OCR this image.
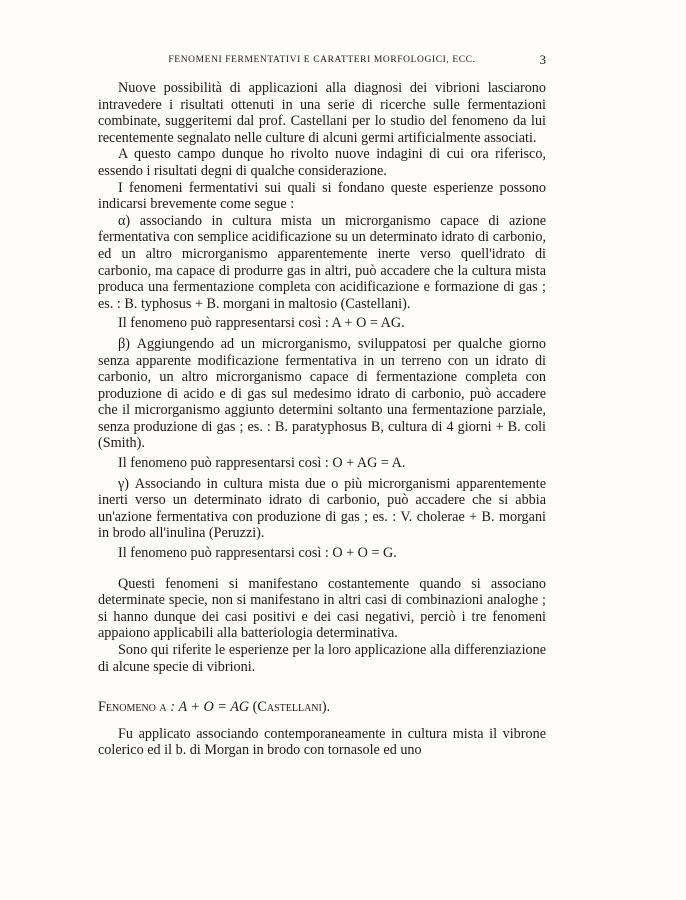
FENOMENI FERMENTATIVI E CARATTERI MORFOLOGICI, ECC.	3

Nuove possibilità di applicazioni alla diagnosi dei vibrioni lasciarono intravedere i risultati ottenuti in una serie di ricerche sulle fermentazioni combinate, suggeritemi dal prof. Castellani per lo studio del fenomeno da lui recentemente segnalato nelle culture di alcuni germi artificialmente associati.

A questo campo dunque ho rivolto nuove indagini di cui ora riferisco, essendo i risultati degni di qualche considerazione.

I fenomeni fermentativi sui quali si fondano queste esperienze possono indicarsi brevemente come segue :

α) associando in cultura mista un microrganismo capace di azione fermentativa con semplice acidificazione su un determinato idrato di carbonio, ed un altro microrganismo apparentemente inerte verso quell'idrato di carbonio, ma capace di produrre gas in altri, può accadere che la cultura mista produca una fermentazione completa con acidificazione e formazione di gas ; es. : B. typhosus + B. morgani in maltosio (Castellani).

Il fenomeno può rappresentarsi così : A + O = AG.

β) Aggiungendo ad un microrganismo, sviluppatosi per qualche giorno senza apparente modificazione fermentativa in un terreno con un idrato di carbonio, un altro microrganismo capace di fermentazione completa con produzione di acido e di gas sul medesimo idrato di carbonio, può accadere che il microrganismo aggiunto determini soltanto una fermentazione parziale, senza produzione di gas ; es. : B. paratyphosus B, cultura di 4 giorni + B. coli (Smith).

Il fenomeno può rappresentarsi così : O + AG = A.

γ) Associando in cultura mista due o più microrganismi apparentemente inerti verso un determinato idrato di carbonio, può accadere che si abbia un'azione fermentativa con produzione di gas ; es. : V. cholerae + B. morgani in brodo all'inulina (Peruzzi).

Il fenomeno può rappresentarsi così : O + O = G.

Questi fenomeni si manifestano costantemente quando si associano determinate specie, non si manifestano in altri casi di combinazioni analoghe ; si hanno dunque dei casi positivi e dei casi negativi, perciò i tre fenomeni appaiono applicabili alla batteriologia determinativa.

Sono qui riferite le esperienze per la loro applicazione alla differenziazione di alcune specie di vibrioni.

Fenomeno α : A + O = AG (Castellani).

Fu applicato associando contemporaneamente in cultura mista il vibrone colerico ed il b. di Morgan in brodo con tornasole ed uno
